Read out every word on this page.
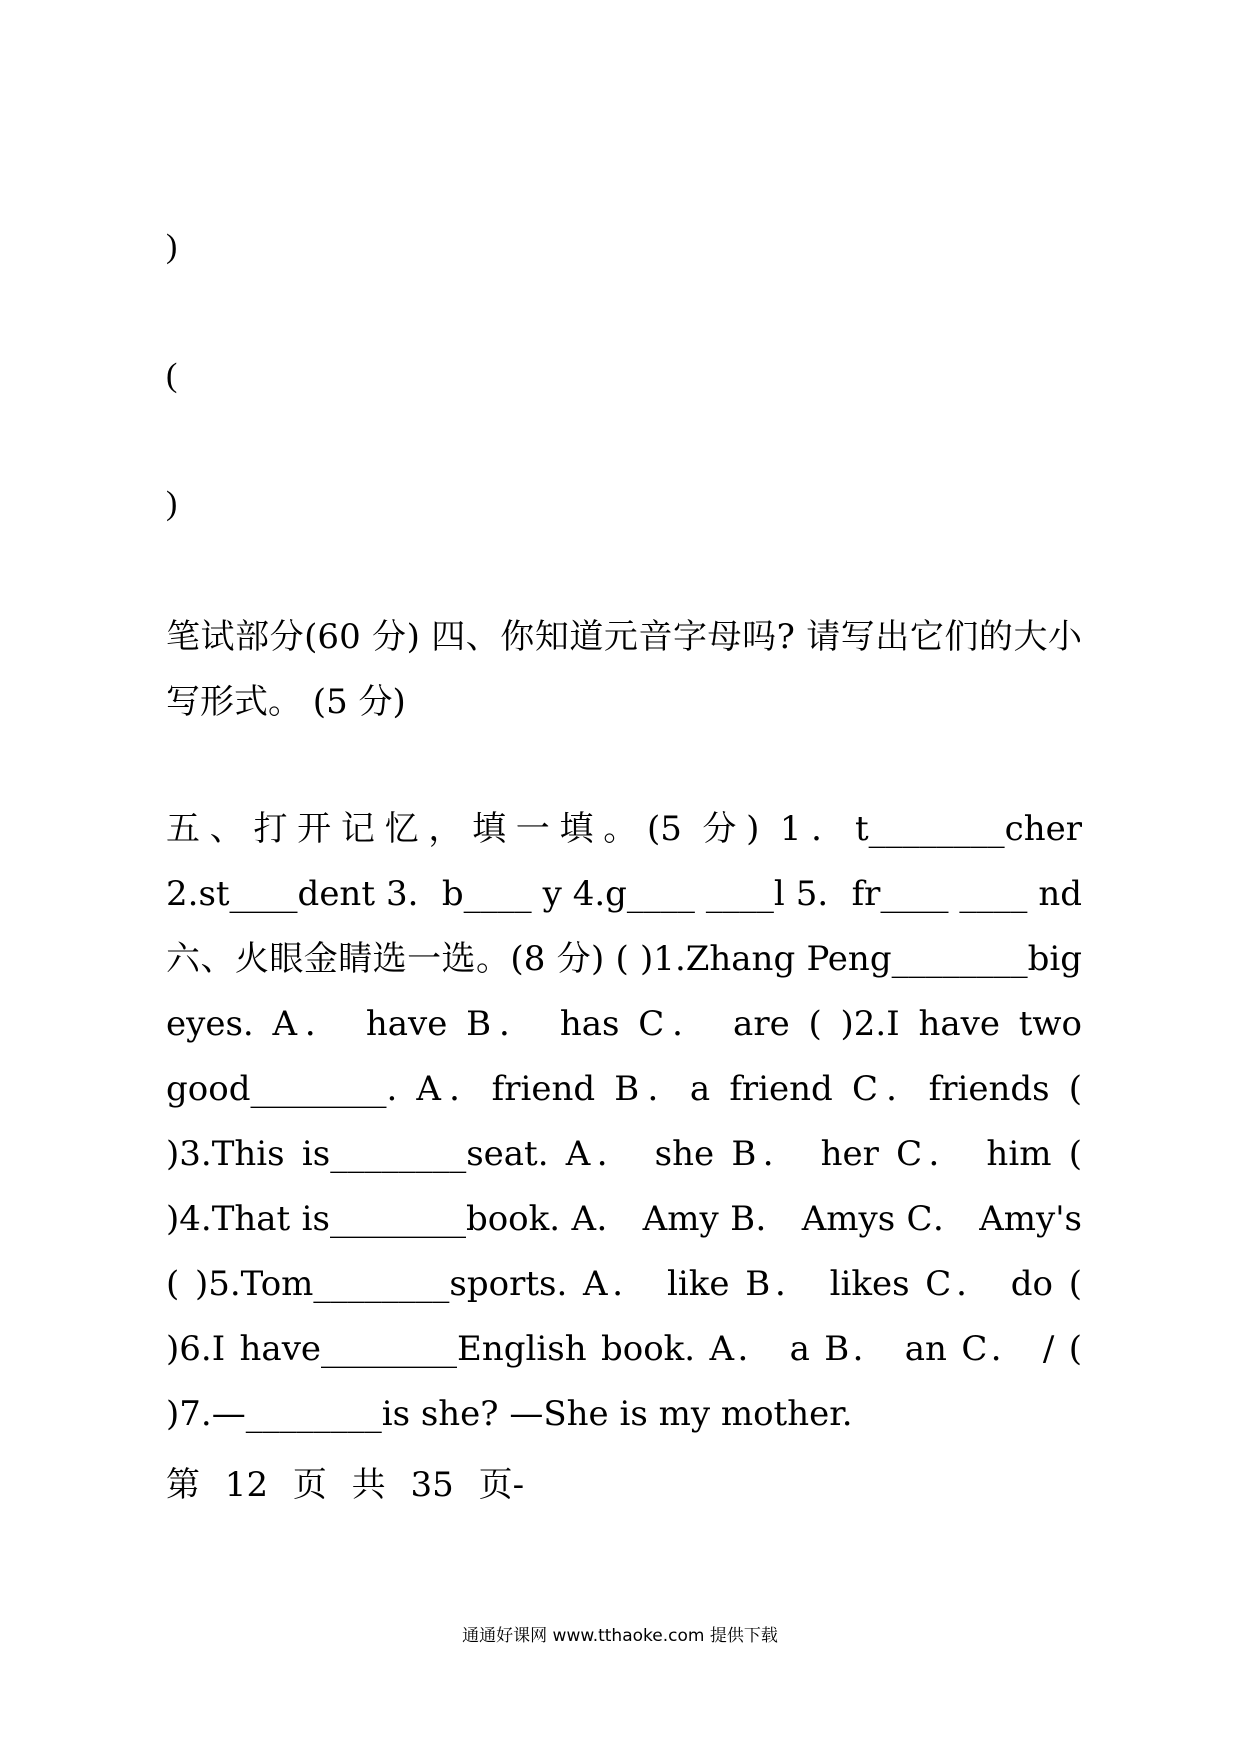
)
(
)

笔试部分(60 分) 四、你知道元音字母吗? 请写出它们的大小写形式。 (5 分)

五、打开记忆，填一填。(5 分) 1．t________cher 2.st____dent 3．b____ y 4.g____ ____l 5．fr____ ____ nd 六、火眼金睛选一选。(8 分) ( )1.Zhang Peng________big eyes. A． have B． has C． are ( )2.I have two good________. A．friend B．a friend C．friends ( )3.This is________seat. A． she B． her C． him ( )4.That is________book. A． Amy B． Amys C． Amy's ( )5.Tom________sports. A． like B． likes C． do ( )6.I have________English book. A． a B． an C． / ( )7.—________is she? —She is my mother.

第 12 页 共 35 页-
通通好课网 www.tthaoke.com 提供下载
